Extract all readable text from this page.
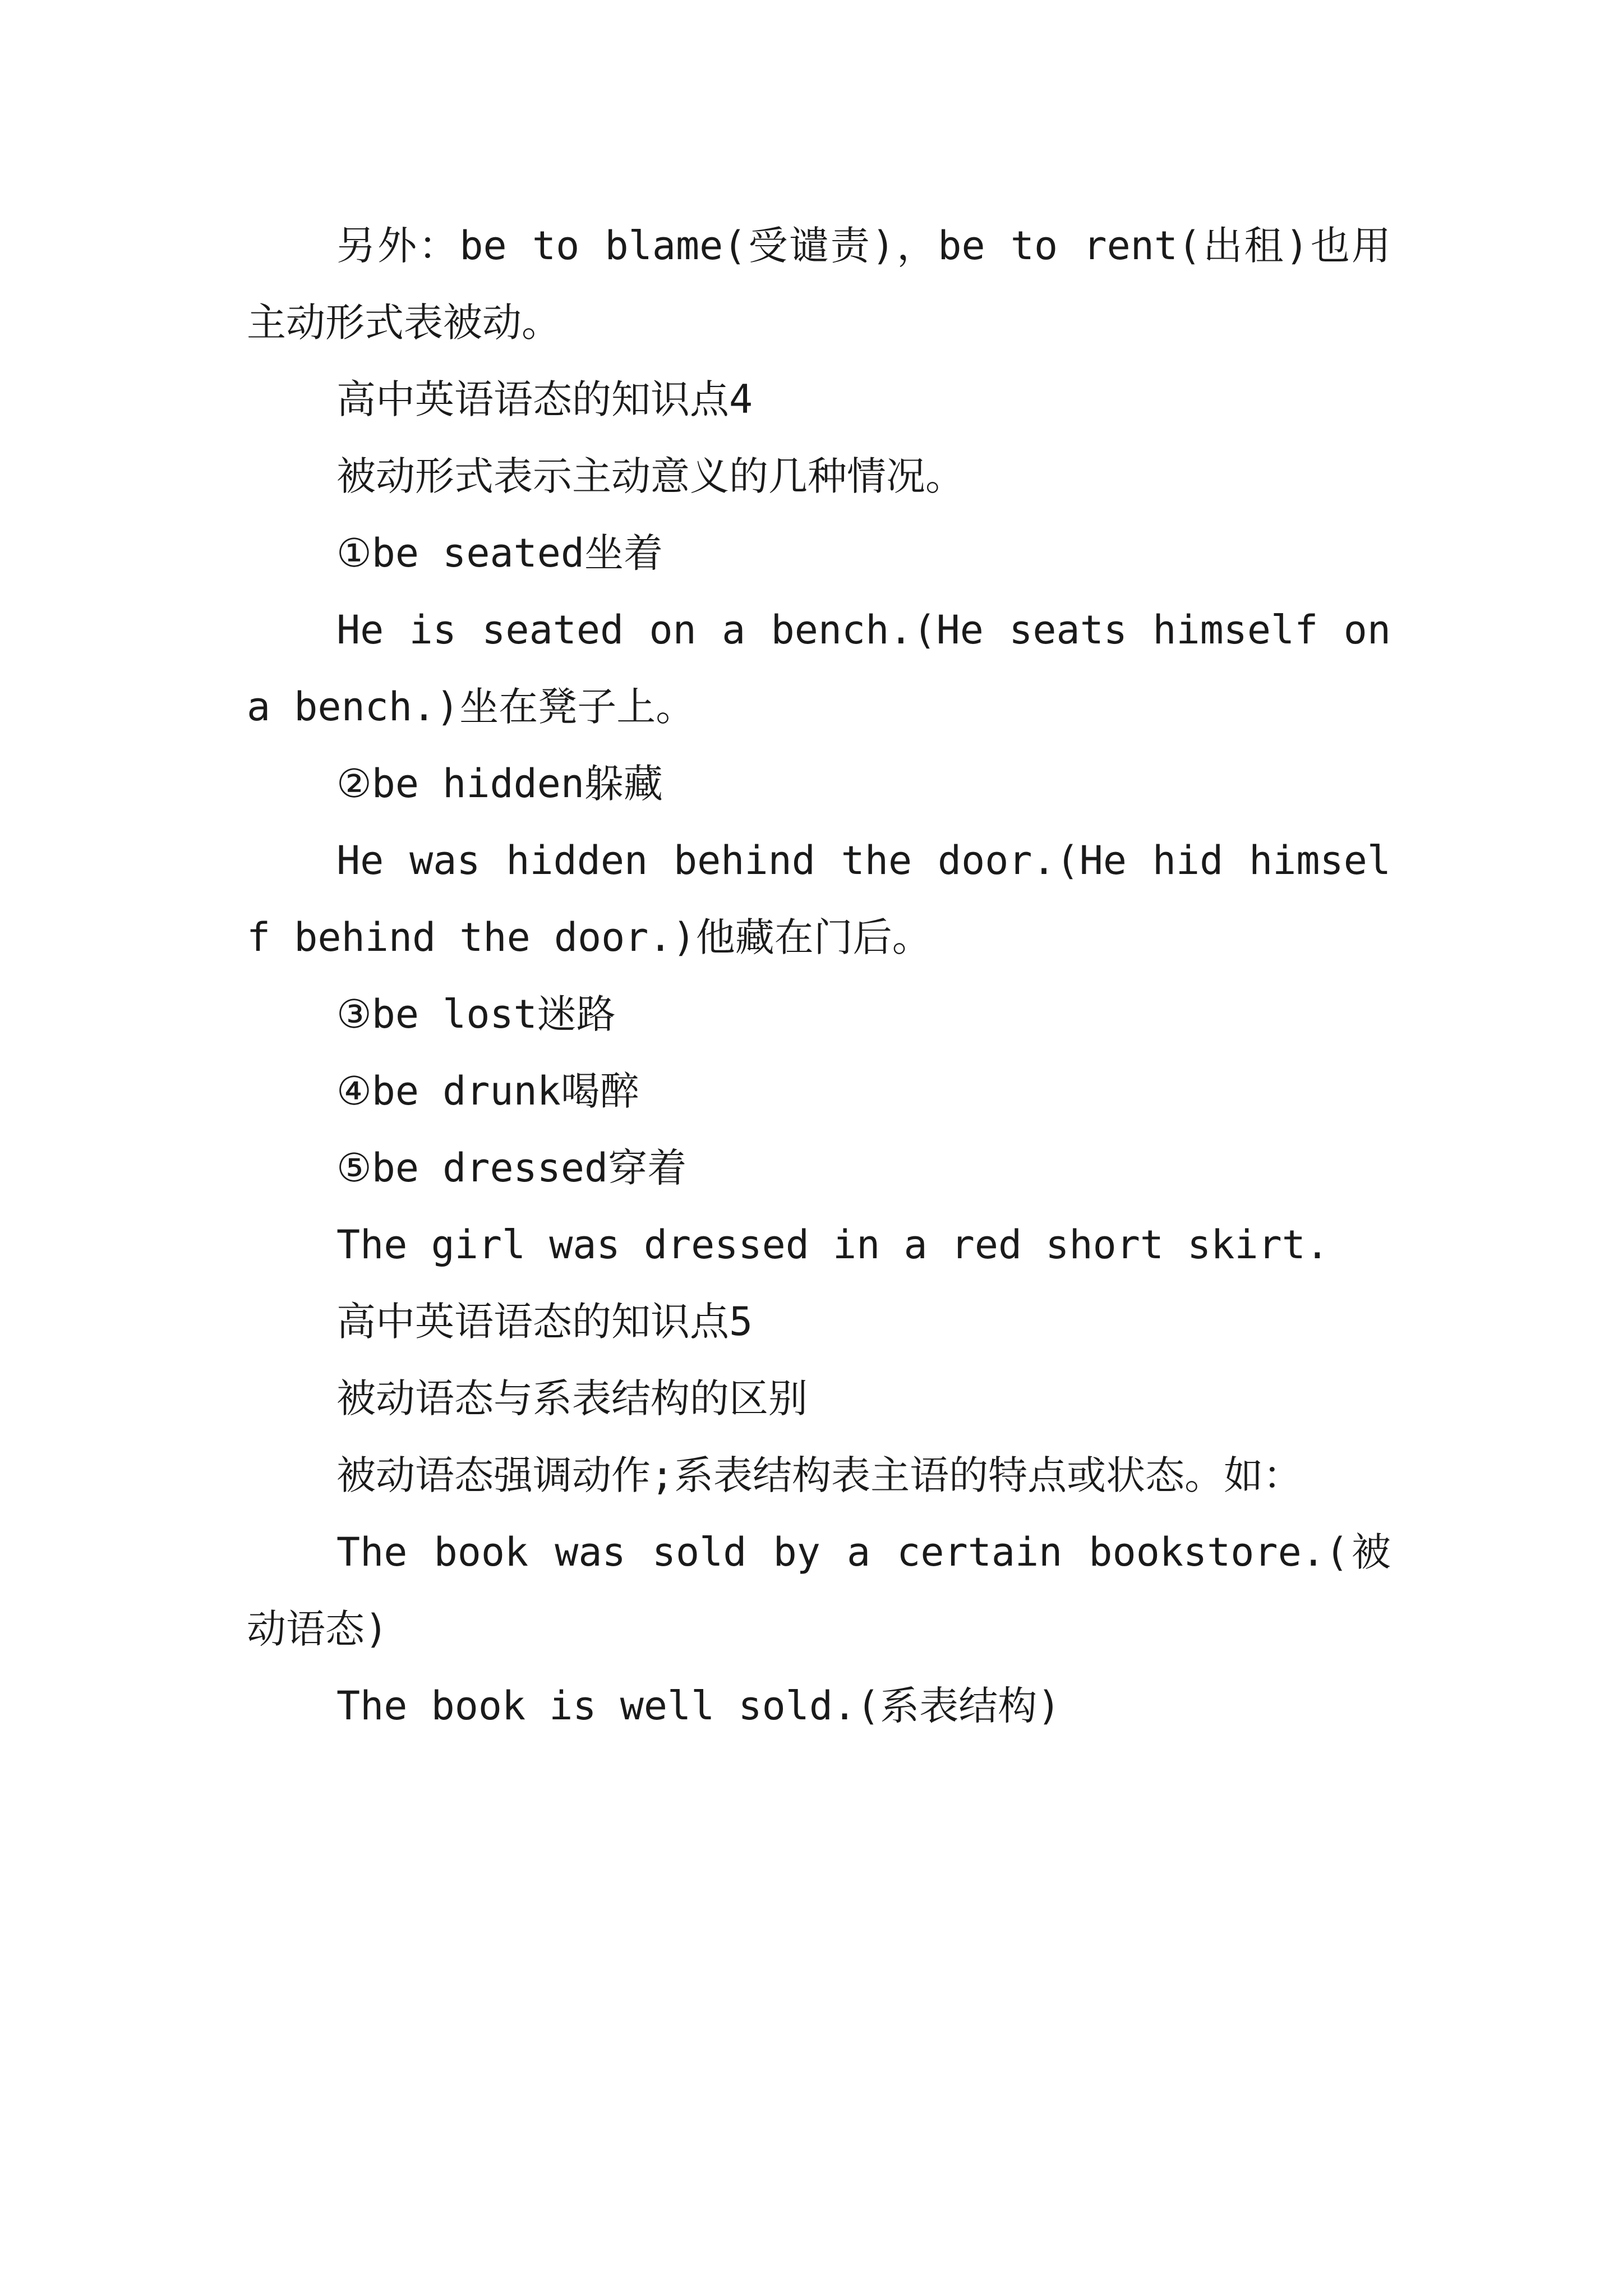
另外：be to blame(受谴责)，be to rent(出租)也用主动形式表被动。

高中英语语态的知识点4

被动形式表示主动意义的几种情况。

①be seated坐着

He is seated on a bench.(He seats himself on a bench.)坐在凳子上。

②be hidden躲藏

He was hidden behind the door.(He hid himself behind the door.)他藏在门后。

③be lost迷路

④be drunk喝醉

⑤be dressed穿着

The girl was dressed in a red short skirt.

高中英语语态的知识点5

被动语态与系表结构的区别

被动语态强调动作;系表结构表主语的特点或状态。如：

The book was sold by a certain bookstore.(被动语态)

The book is well sold.(系表结构)
